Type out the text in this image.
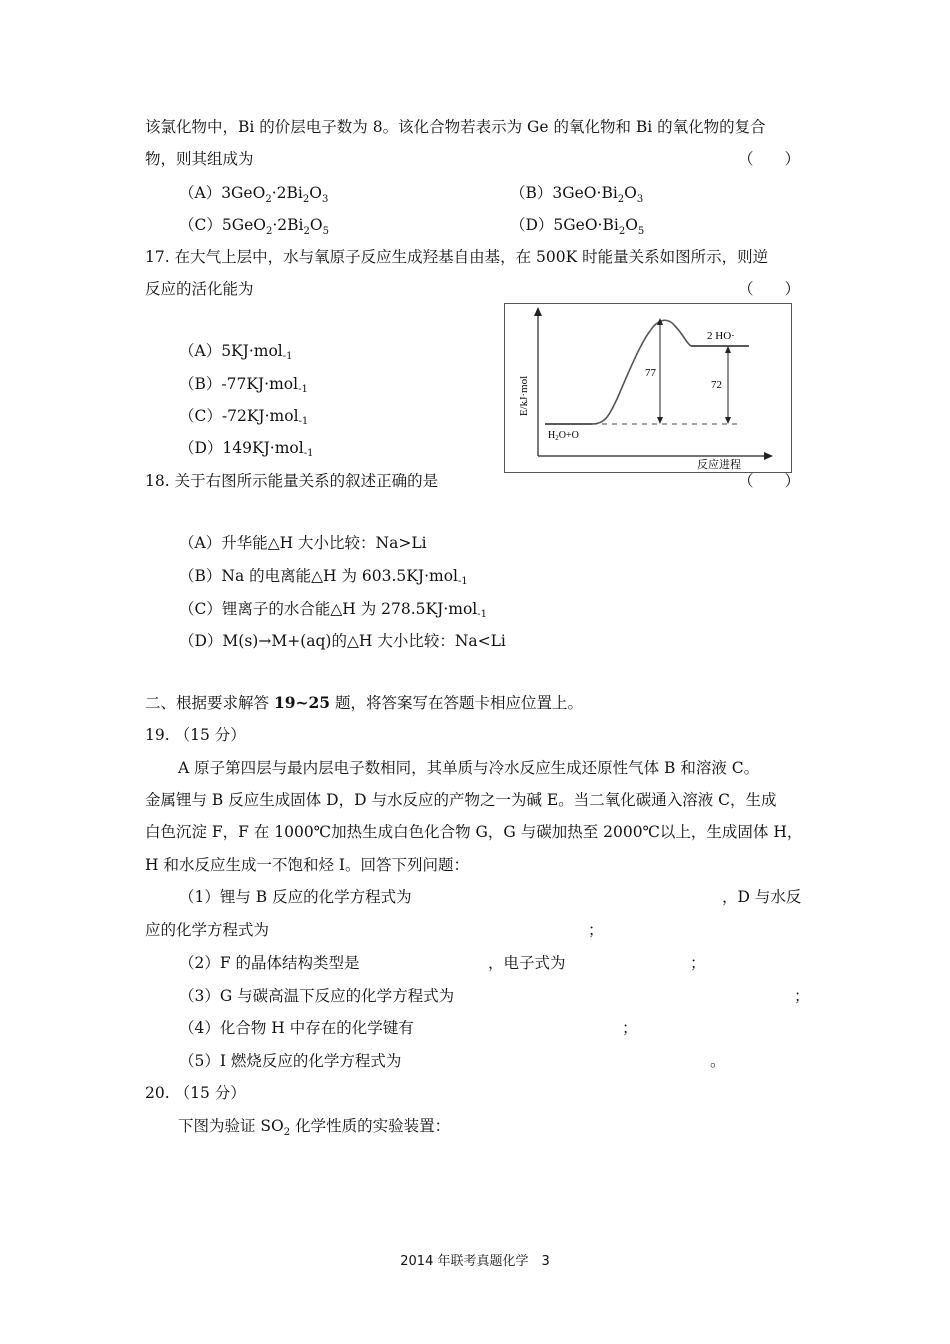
该氯化物中，Bi 的价层电子数为 8。该化合物若表示为 Ge 的氧化物和 Bi 的氧化物的复合
物，则其组成为	（　　）
$(A)3GeO_2\cdot 2Bi_2O_3$	$(B)3GeO\cdot Bi_2O_3$
$(C)5GeO_2\cdot 2Bi_2O_5$	$(D)5GeO\cdot Bi_2O_5$
17. 在大气上层中，水与氧原子反应生成羟基自由基，在 500K 时能量关系如图所示，则逆
反应的活化能为	（　　）
（A）5KJ·mol$_{-1}$
（B）-77KJ·mol$_{-1}$
（C）-72KJ·mol$_{-1}$
（D）149KJ·mol$_{-1}$
77
72
2 HO·
$H_2O+O$
E/kJ·mol
反应进程
18. 关于右图所示能量关系的叙述正确的是	（　　）
（A）升华能△H 大小比较：Na>Li
（B）Na 的电离能△H 为 603.5KJ·mol$_{-1}$
（C）锂离子的水合能△H 为 278.5KJ·mol$_{-1}$
（D）M(s)→M+(aq)的△H 大小比较：Na<Li
二、根据要求解答 19~25 题，将答案写在答题卡相应位置上。
19. （15 分）
A 原子第四层与最内层电子数相同，其单质与冷水反应生成还原性气体 B 和溶液 C。
金属锂与 B 反应生成固体 D，D 与水反应的产物之一为碱 E。当二氧化碳通入溶液 C，生成
白色沉淀 F，F 在 1000℃加热生成白色化合物 G，G 与碳加热至 2000℃以上，生成固体 H，
H 和水反应生成一不饱和烃 I。回答下列问题：
（1）锂与 B 反应的化学方程式为	，D 与水反
应的化学方程式为	；
（2）F 的晶体结构类型是	，电子式为	；
（3）G 与碳高温下反应的化学方程式为	；
（4）化合物 H 中存在的化学键有	；
（5）I 燃烧反应的化学方程式为	。
20. （15 分）
下图为验证 $SO_2$ 化学性质的实验装置：
2014 年联考真题化学　3
